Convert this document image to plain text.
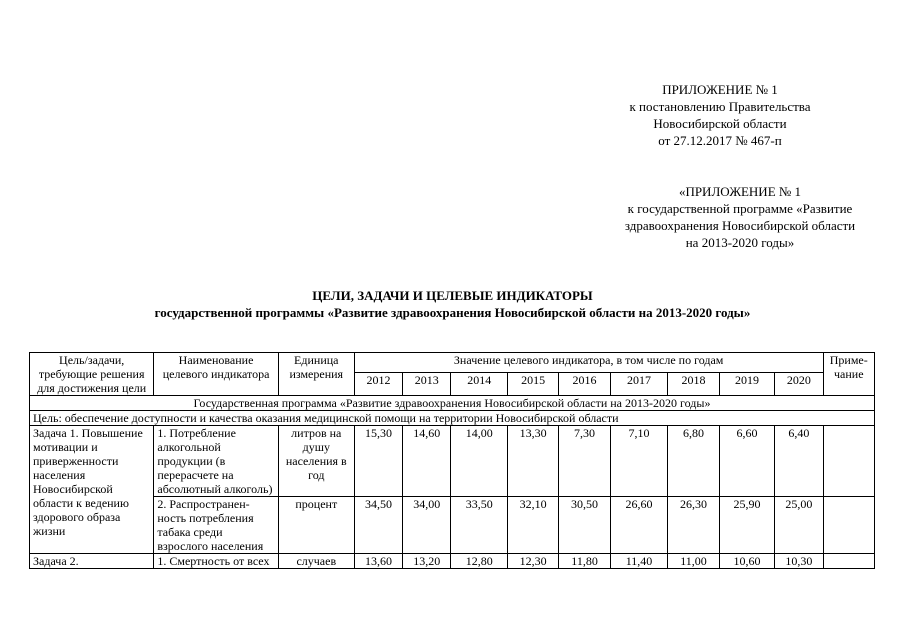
ПРИЛОЖЕНИЕ № 1
к постановлению Правительства
Новосибирской области
от 27.12.2017 № 467-п
«ПРИЛОЖЕНИЕ № 1
к государственной программе «Развитие
здравоохранения Новосибирской области
на 2013-2020 годы»
ЦЕЛИ, ЗАДАЧИ И ЦЕЛЕВЫЕ ИНДИКАТОРЫ
государственной программы «Развитие здравоохранения Новосибирской области на 2013-2020 годы»
Цель/задачи, требующие решения для достижения цели	Наименование целевого индикатора	Единица измерения	Значение целевого индикатора, в том числе по годам									Приме-чание
			2012	2013	2014	2015	2016	2017	2018	2019	2020	
Государственная программа «Развитие здравоохранения Новосибирской области на 2013-2020 годы»												
Цель: обеспечение доступности и качества оказания медицинской помощи на территории Новосибирской области												
Задача 1. Повышение мотивации и приверженности населения Новосибирской области к ведению здорового образа жизни	1. Потребление алкогольной продукции (в перерасчете на абсолютный алкоголь)	литров на душу населения в год	15,30	14,60	14,00	13,30	7,30	7,10	6,80	6,60	6,40	
	2. Распространен-ность потребления табака среди взрослого населения	процент	34,50	34,00	33,50	32,10	30,50	26,60	26,30	25,90	25,00	
Задача 2.	1. Смертность от всех	случаев	13,60	13,20	12,80	12,30	11,80	11,40	11,00	10,60	10,30	
